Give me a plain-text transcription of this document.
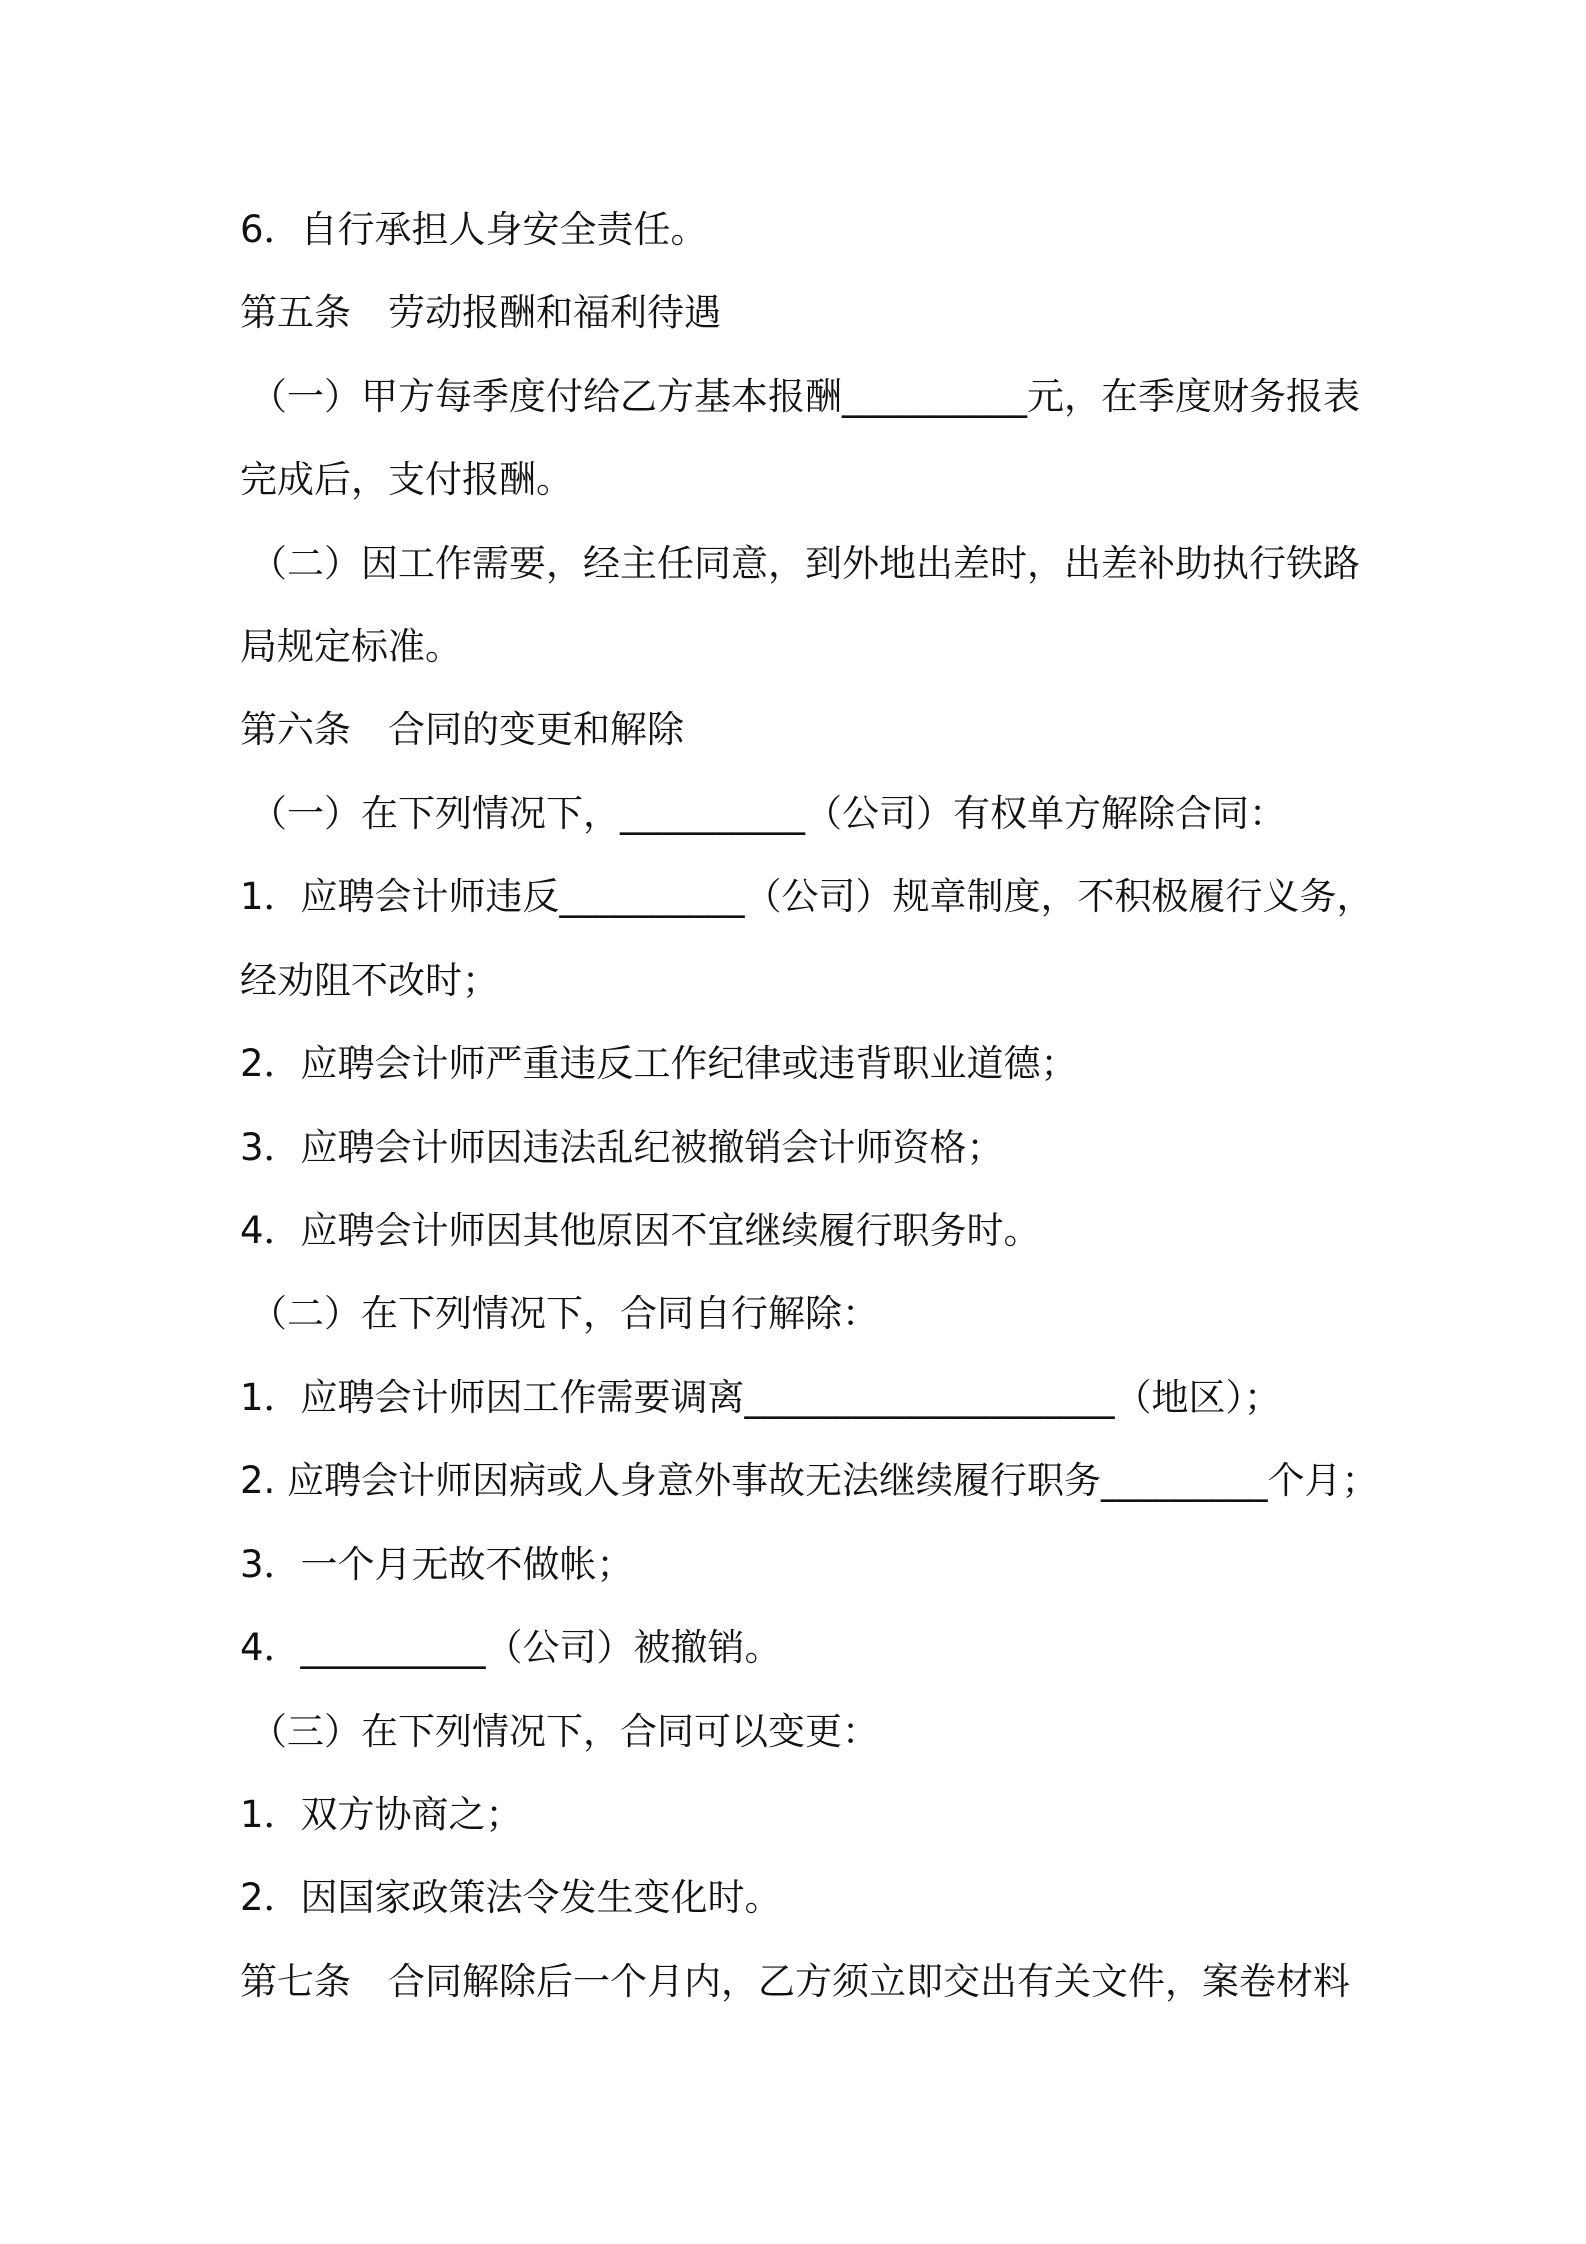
6．自行承担人身安全责任。
第五条　劳动报酬和福利待遇
（一）甲方每季度付给乙方基本报酬__________元，在季度财务报表
完成后，支付报酬。
（二）因工作需要，经主任同意，到外地出差时，出差补助执行铁路
局规定标准。
第六条　合同的变更和解除
（一）在下列情况下，__________（公司）有权单方解除合同：
1．应聘会计师违反__________（公司）规章制度，不积极履行义务，
经劝阻不改时；
2．应聘会计师严重违反工作纪律或违背职业道德；
3．应聘会计师因违法乱纪被撤销会计师资格；
4．应聘会计师因其他原因不宜继续履行职务时。
（二）在下列情况下，合同自行解除：
1．应聘会计师因工作需要调离____________________（地区）；
2. 应聘会计师因病或人身意外事故无法继续履行职务_________个月；
3．一个月无故不做帐；
4．__________（公司）被撤销。
（三）在下列情况下，合同可以变更：
1．双方协商之；
2．因国家政策法令发生变化时。
第七条　合同解除后一个月内，乙方须立即交出有关文件，案卷材料
